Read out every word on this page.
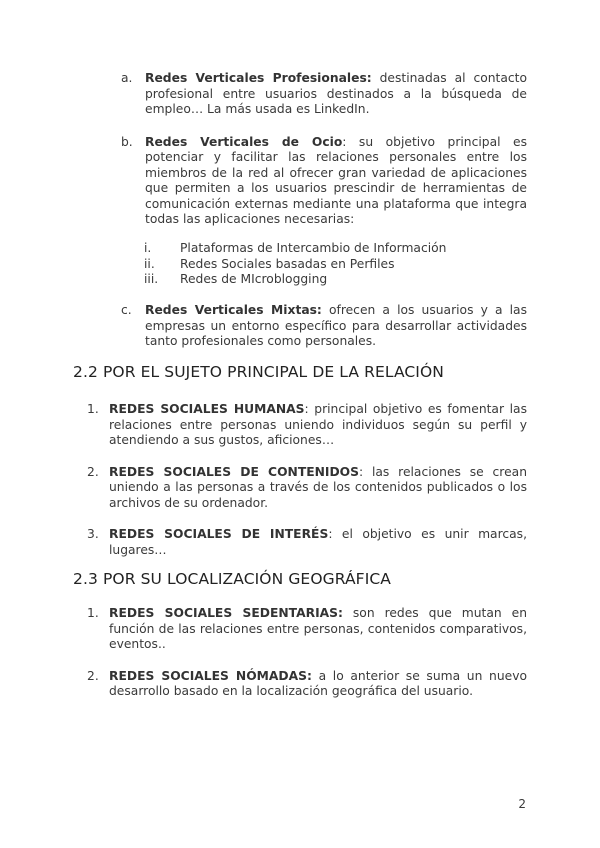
a.	Redes Verticales Profesionales: destinadas al contacto profesional entre usuarios destinados a la búsqueda de empleo… La más usada es LinkedIn.
b. Redes Verticales de Ocio: su objetivo principal es potenciar y facilitar las relaciones personales entre los miembros de la red al ofrecer gran variedad de aplicaciones que permiten a los usuarios prescindir de herramientas de comunicación externas mediante una plataforma que integra todas las aplicaciones necesarias:
i.	Plataformas de Intercambio de Información
ii.	Redes Sociales basadas en Perfiles
iii.	Redes de MIcroblogging
c.	Redes Verticales Mixtas: ofrecen a los usuarios y a las empresas un entorno específico para desarrollar actividades tanto profesionales como personales.
2.2 POR EL SUJETO PRINCIPAL DE LA RELACIÓN
1. REDES SOCIALES HUMANAS: principal objetivo es fomentar las relaciones entre personas uniendo individuos según su perfil y atendiendo a sus gustos, aficiones…
2. REDES SOCIALES DE CONTENIDOS: las relaciones se crean uniendo a las personas a través de los contenidos publicados o los archivos de su ordenador.
3. REDES SOCIALES DE INTERÉS: el objetivo es unir marcas, lugares…
2.3 POR SU LOCALIZACIÓN GEOGRÁFICA
1. REDES SOCIALES SEDENTARIAS: son redes que mutan en función de las relaciones entre personas, contenidos comparativos, eventos..
2. REDES SOCIALES NÓMADAS: a lo anterior se suma un nuevo desarrollo basado en la localización geográfica del usuario.
2
